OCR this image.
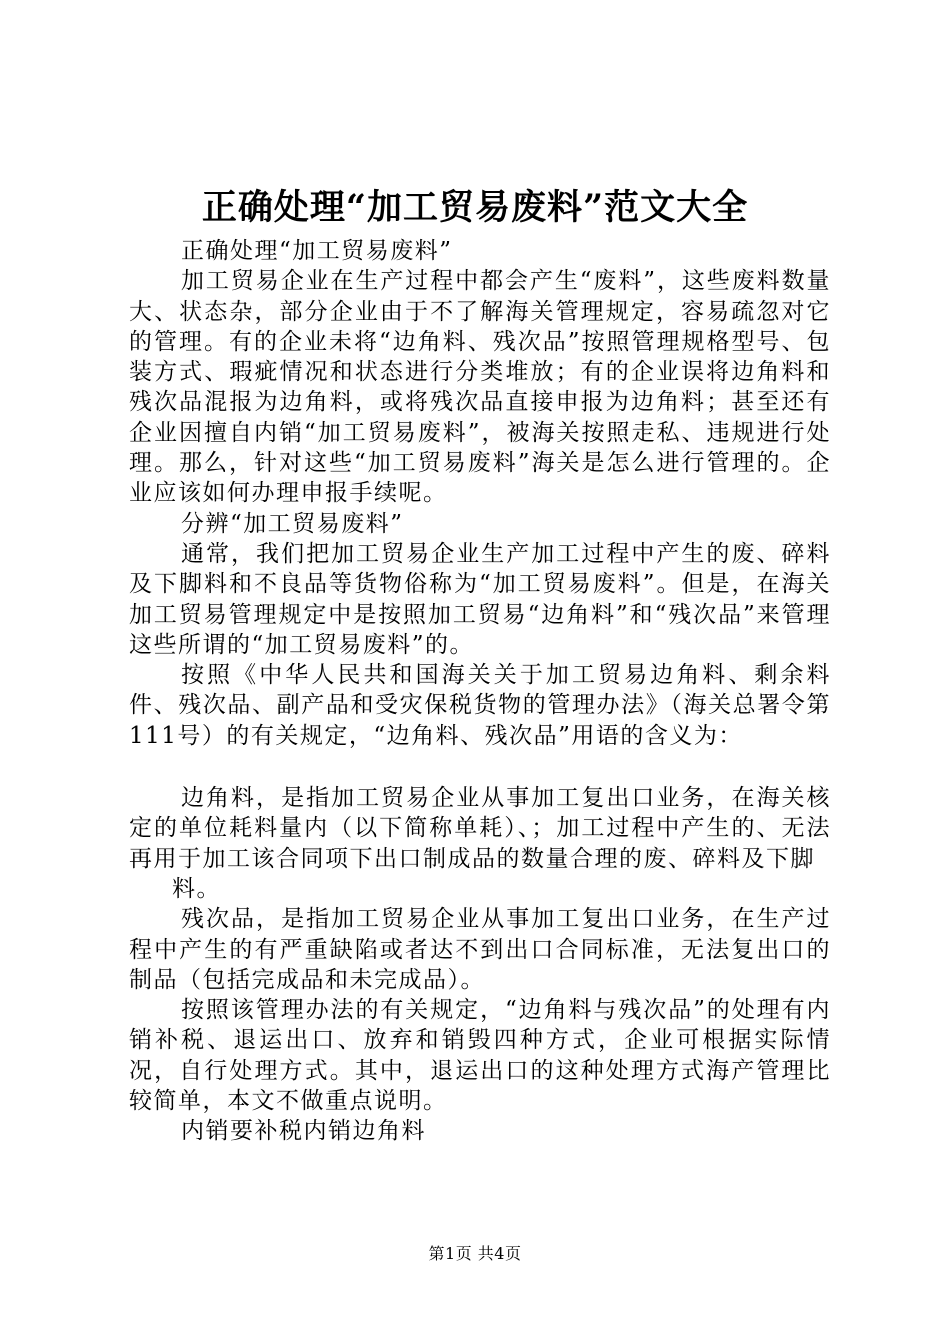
正确处理“加工贸易废料”范文大全

正确处理“加工贸易废料”

加工贸易企业在生产过程中都会产生“废料”，这些废料数量大、状态杂，部分企业由于不了解海关管理规定，容易疏忽对它的管理。有的企业未将“边角料、残次品”按照管理规格型号、包装方式、瑕疵情况和状态进行分类堆放；有的企业误将边角料和残次品混报为边角料，或将残次品直接申报为边角料；甚至还有企业因擅自内销“加工贸易废料”，被海关按照走私、违规进行处理。那么，针对这些“加工贸易废料”海关是怎么进行管理的。企业应该如何办理申报手续呢。

分辨“加工贸易废料”

通常，我们把加工贸易企业生产加工过程中产生的废、碎料及下脚料和不良品等货物俗称为“加工贸易废料”。但是，在海关加工贸易管理规定中是按照加工贸易“边角料”和“残次品”来管理这些所谓的“加工贸易废料”的。

按照《中华人民共和国海关关于加工贸易边角料、剩余料件、残次品、副产品和受灾保税货物的管理办法》（海关总署令第111号）的有关规定，“边角料、残次品”用语的含义为：

边角料，是指加工贸易企业从事加工复出口业务，在海关核定的单位耗料量内（以下简称单耗）、；加工过程中产生的、无法再用于加工该合同项下出口制成品的数量合理的废、碎料及下脚

料。

残次品，是指加工贸易企业从事加工复出口业务，在生产过程中产生的有严重缺陷或者达不到出口合同标准，无法复出口的制品（包括完成品和未完成品）。

按照该管理办法的有关规定，“边角料与残次品”的处理有内销补税、退运出口、放弃和销毁四种方式，企业可根据实际情况，自行处理方式。其中，退运出口的这种处理方式海产管理比较简单，本文不做重点说明。

内销要补税内销边角料

第1页 共4页
